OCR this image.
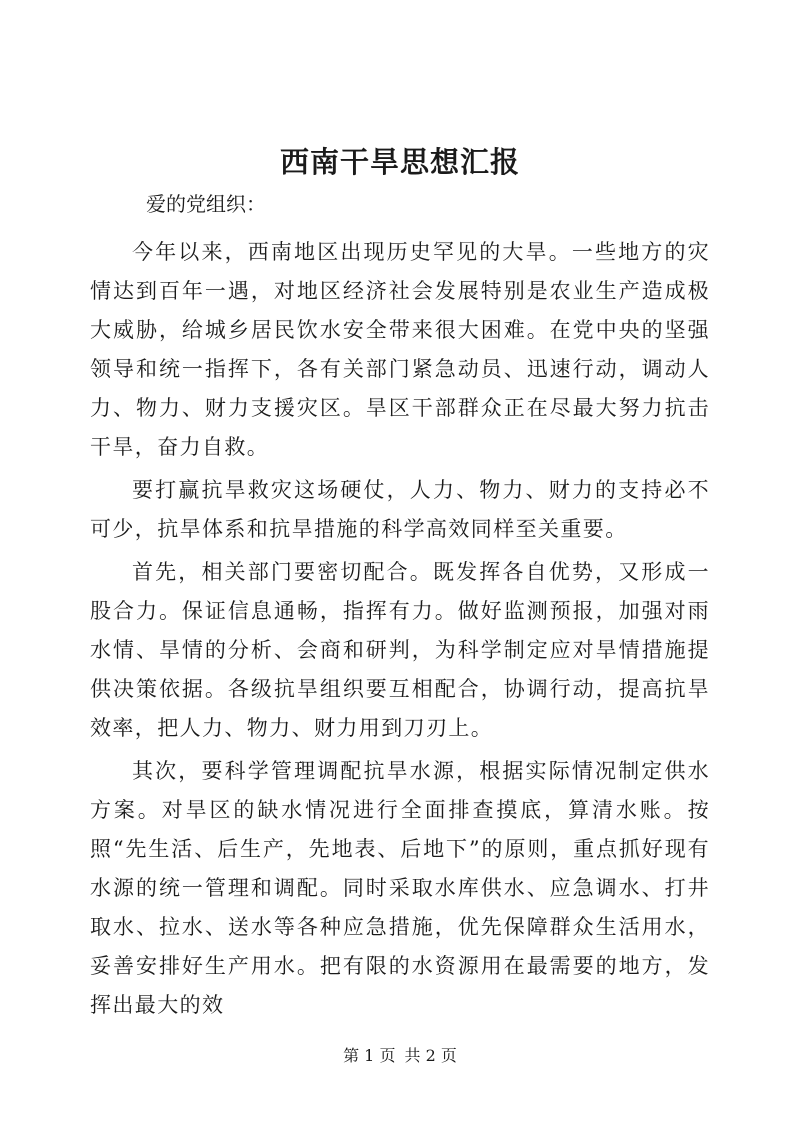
西南干旱思想汇报

爱的党组织：

今年以来，西南地区出现历史罕见的大旱。一些地方的灾情达到百年一遇，对地区经济社会发展特别是农业生产造成极大威胁，给城乡居民饮水安全带来很大困难。在党中央的坚强领导和统一指挥下，各有关部门紧急动员、迅速行动，调动人力、物力、财力支援灾区。旱区干部群众正在尽最大努力抗击干旱，奋力自救。

要打赢抗旱救灾这场硬仗，人力、物力、财力的支持必不可少，抗旱体系和抗旱措施的科学高效同样至关重要。

首先，相关部门要密切配合。既发挥各自优势，又形成一股合力。保证信息通畅，指挥有力。做好监测预报，加强对雨水情、旱情的分析、会商和研判，为科学制定应对旱情措施提供决策依据。各级抗旱组织要互相配合，协调行动，提高抗旱效率，把人力、物力、财力用到刀刃上。

其次，要科学管理调配抗旱水源，根据实际情况制定供水方案。对旱区的缺水情况进行全面排查摸底，算清水账。按照“先生活、后生产，先地表、后地下”的原则，重点抓好现有水源的统一管理和调配。同时采取水库供水、应急调水、打井取水、拉水、送水等各种应急措施，优先保障群众生活用水，妥善安排好生产用水。把有限的水资源用在最需要的地方，发挥出最大的效

第 1 页 共 2 页
